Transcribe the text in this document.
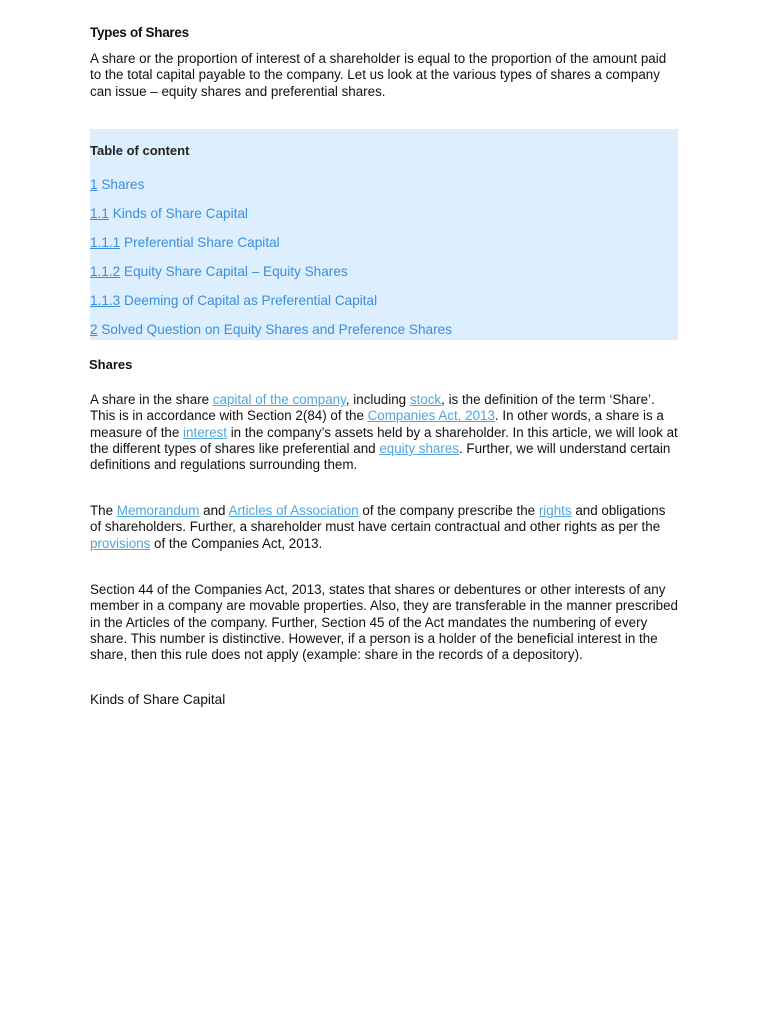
Types of Shares

A share or the proportion of interest of a shareholder is equal to the proportion of the amount paid to the total capital payable to the company. Let us look at the various types of shares a company can issue – equity shares and preferential shares.

Table of content

1 Shares
1.1 Kinds of Share Capital
1.1.1 Preferential Share Capital
1.1.2 Equity Share Capital – Equity Shares
1.1.3 Deeming of Capital as Preferential Capital
2 Solved Question on Equity Shares and Preference Shares
Shares

A share in the share capital of the company, including stock, is the definition of the term ‘Share’. This is in accordance with Section 2(84) of the Companies Act, 2013. In other words, a share is a measure of the interest in the company’s assets held by a shareholder. In this article, we will look at the different types of shares like preferential and equity shares. Further, we will understand certain definitions and regulations surrounding them.

The Memorandum and Articles of Association of the company prescribe the rights and obligations of shareholders. Further, a shareholder must have certain contractual and other rights as per the provisions of the Companies Act, 2013.

Section 44 of the Companies Act, 2013, states that shares or debentures or other interests of any member in a company are movable properties. Also, they are transferable in the manner prescribed in the Articles of the company. Further, Section 45 of the Act mandates the numbering of every share. This number is distinctive. However, if a person is a holder of the beneficial interest in the share, then this rule does not apply (example: share in the records of a depository).

Kinds of Share Capital
